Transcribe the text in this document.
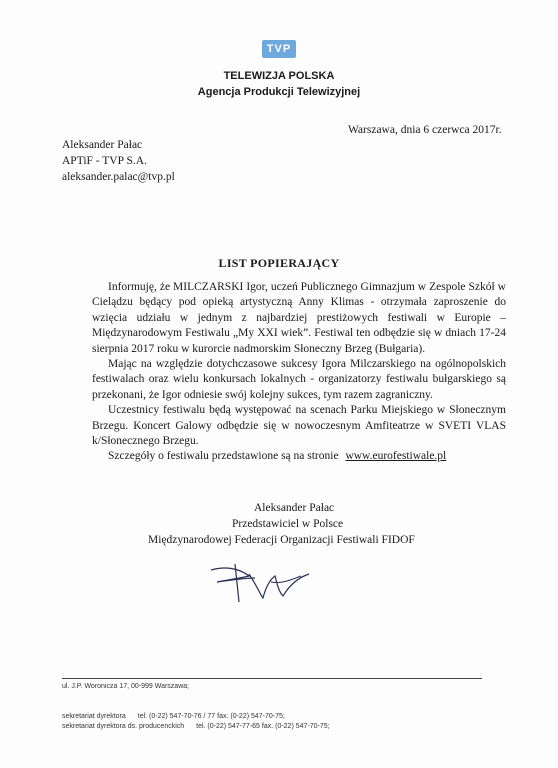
TVP
TELEWIZJA POLSKA
Agencja Produkcji Telewizyjnej
Warszawa, dnia 6 czerwca 2017r.
Aleksander Pałac
APTiF - TVP S.A.
aleksander.palac@tvp.pl
LIST POPIERAJĄCY

Informuję, że MILCZARSKI Igor, uczeń Publicznego Gimnazjum w Zespole Szkół w Cielądzu będący pod opieką artystyczną Anny Klimas - otrzymała zaproszenie do wzięcia udziału w jednym z najbardziej prestiżowych festiwali w Europie – Międzynarodowym Festiwalu „My XXI wiek”. Festiwal ten odbędzie się w dniach 17-24 sierpnia 2017 roku w kurorcie nadmorskim Słoneczny Brzeg (Bułgaria).

Mając na względzie dotychczasowe sukcesy Igora Milczarskiego na ogólnopolskich festiwalach oraz wielu konkursach lokalnych - organizatorzy festiwalu bułgarskiego są przekonani, że Igor odniesie swój kolejny sukces, tym razem zagraniczny.

Uczestnicy festiwalu będą występować na scenach Parku Miejskiego w Słonecznym Brzegu. Koncert Galowy odbędzie się w nowoczesnym Amfiteatrze w SVETI VLAS k/Słonecznego Brzegu.

Szczegóły o festiwalu przedstawione są na stronie www.eurofestiwale.pl

Aleksander Pałac
Przedstawiciel w Polsce
Międzynarodowej Federacji Organizacji Festiwali FIDOF
ul. J.P. Woronicza 17, 00-999 Warszawa;
sekretariat dyrektora tel. (0-22) 547-70-76 / 77 fax. (0-22) 547-70-75;
sekretariat dyrektora ds. producenckich tel. (0-22) 547-77-65 fax. (0-22) 547-70-75;
